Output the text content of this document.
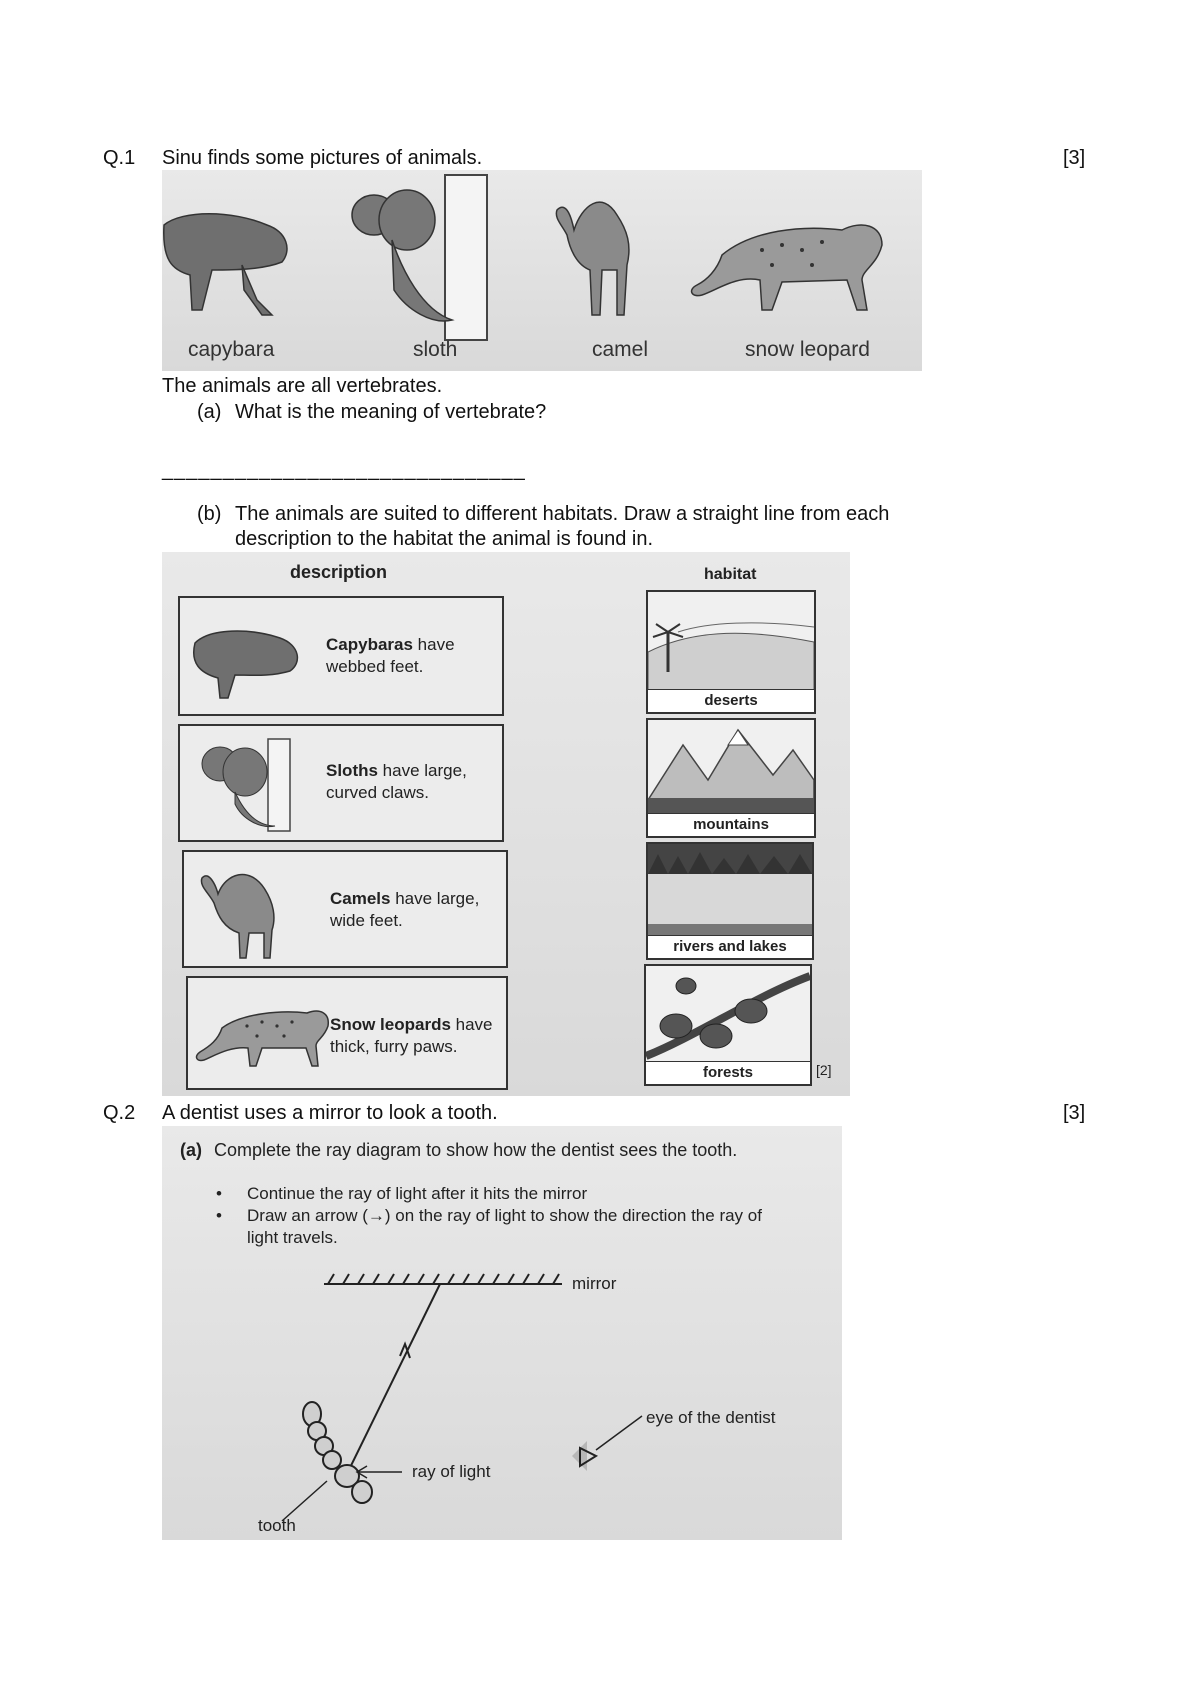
Q.1 Sinu finds some pictures of animals.	[3]
capybara	sloth	camel	snow leopard
The animals are all vertebrates.
(a) What is the meaning of vertebrate?
______________________________
(b) The animals are suited to different habitats. Draw a straight line from each
description to the habitat the animal is found in.
description	habitat
Capybaras have
webbed feet.
Sloths have large,
curved claws.
Camels have large,
wide feet.
Snow leopards have
thick, furry paws.
deserts
mountains
rivers and lakes
forests	[2]
Q.2 A dentist uses a mirror to look a tooth.	[3]
(a) Complete the ray diagram to show how the dentist sees the tooth.
• Continue the ray of light after it hits the mirror
• Draw an arrow (→) on the ray of light to show the direction the ray of
light travels.
mirror
eye of the dentist
ray of light
tooth
